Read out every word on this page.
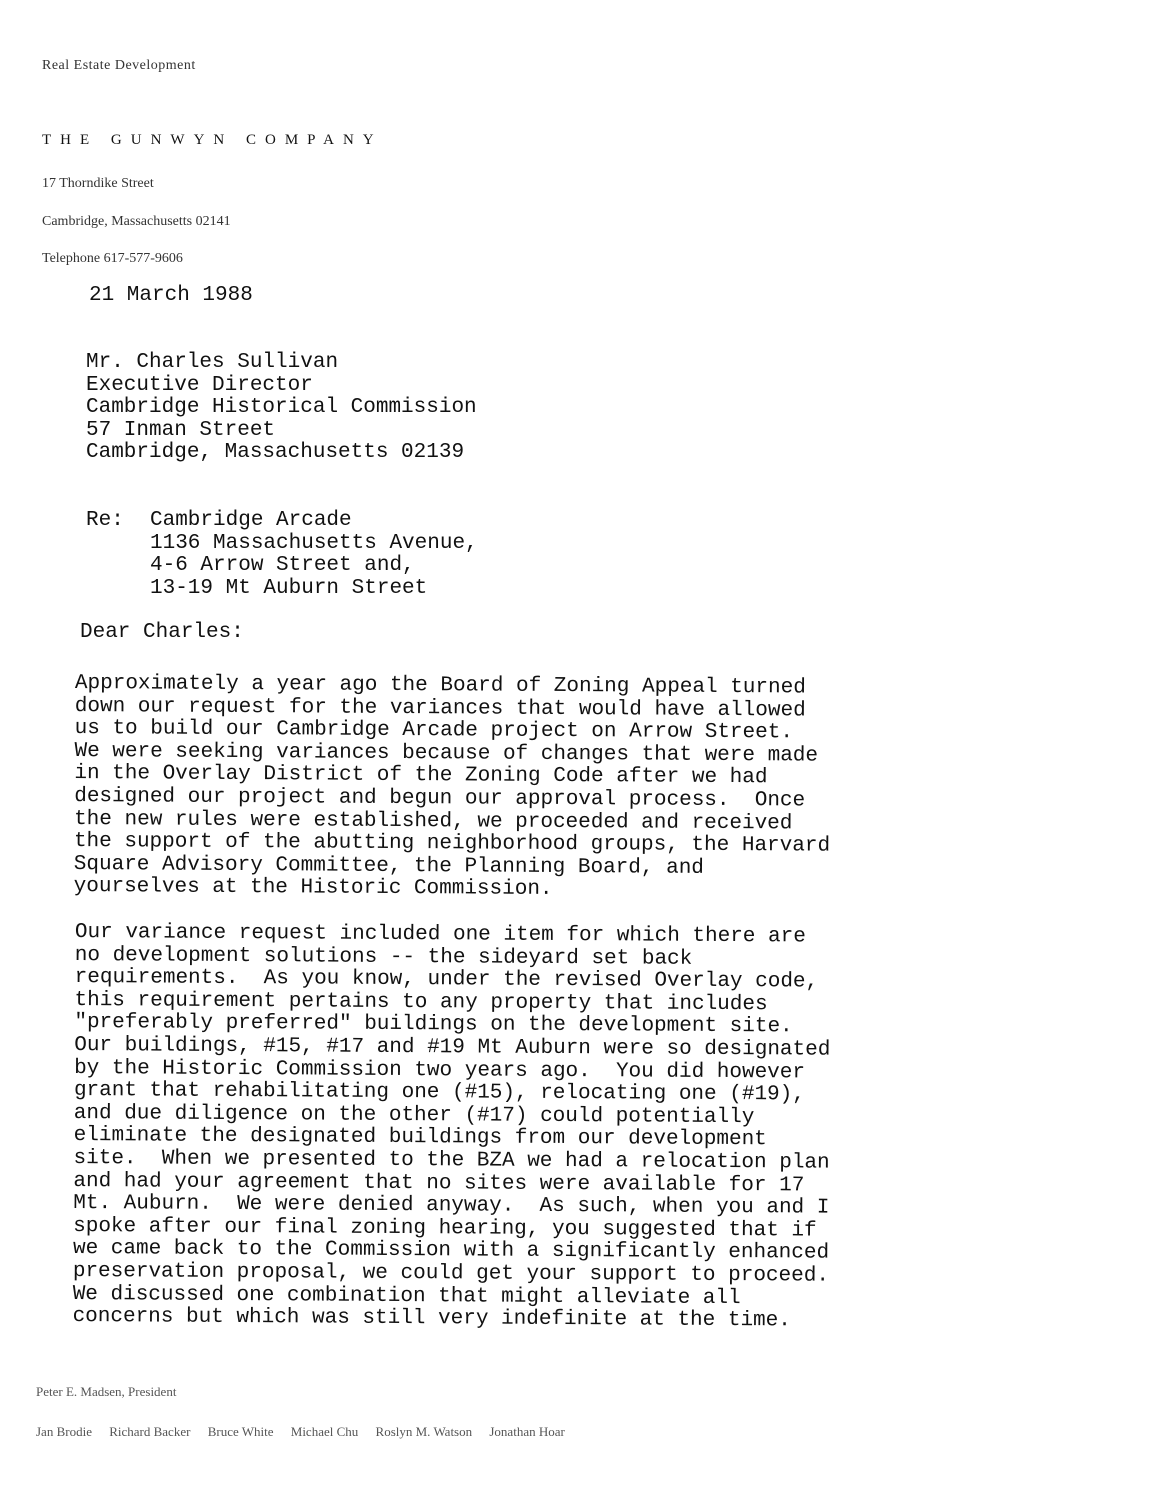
Real Estate Development
THE GUNWYN COMPANY
17 Thorndike Street
Cambridge, Massachusetts 02141
Telephone 617-577-9606
21 March 1988
Mr. Charles Sullivan
Executive Director
Cambridge Historical Commission
57 Inman Street
Cambridge, Massachusetts 02139
Re: Cambridge Arcade
1136 Massachusetts Avenue,
4-6 Arrow Street and,
13-19 Mt Auburn Street
Dear Charles:
Approximately a year ago the Board of Zoning Appeal turned
down our request for the variances that would have allowed
us to build our Cambridge Arcade project on Arrow Street.
We were seeking variances because of changes that were made
in the Overlay District of the Zoning Code after we had
designed our project and begun our approval process.  Once
the new rules were established, we proceeded and received
the support of the abutting neighborhood groups, the Harvard
Square Advisory Committee, the Planning Board, and
yourselves at the Historic Commission.
Our variance request included one item for which there are
no development solutions -- the sideyard set back
requirements.  As you know, under the revised Overlay code,
this requirement pertains to any property that includes
"preferably preferred" buildings on the development site.
Our buildings, #15, #17 and #19 Mt Auburn were so designated
by the Historic Commission two years ago.  You did however
grant that rehabilitating one (#15), relocating one (#19),
and due diligence on the other (#17) could potentially
eliminate the designated buildings from our development
site.  When we presented to the BZA we had a relocation plan
and had your agreement that no sites were available for 17
Mt. Auburn.  We were denied anyway.  As such, when you and I
spoke after our final zoning hearing, you suggested that if
we came back to the Commission with a significantly enhanced
preservation proposal, we could get your support to proceed.
We discussed one combination that might alleviate all
concerns but which was still very indefinite at the time.
Peter E. Madsen, President
Jan Brodie Richard Backer Bruce White Michael Chu Roslyn M. Watson Jonathan Hoar
